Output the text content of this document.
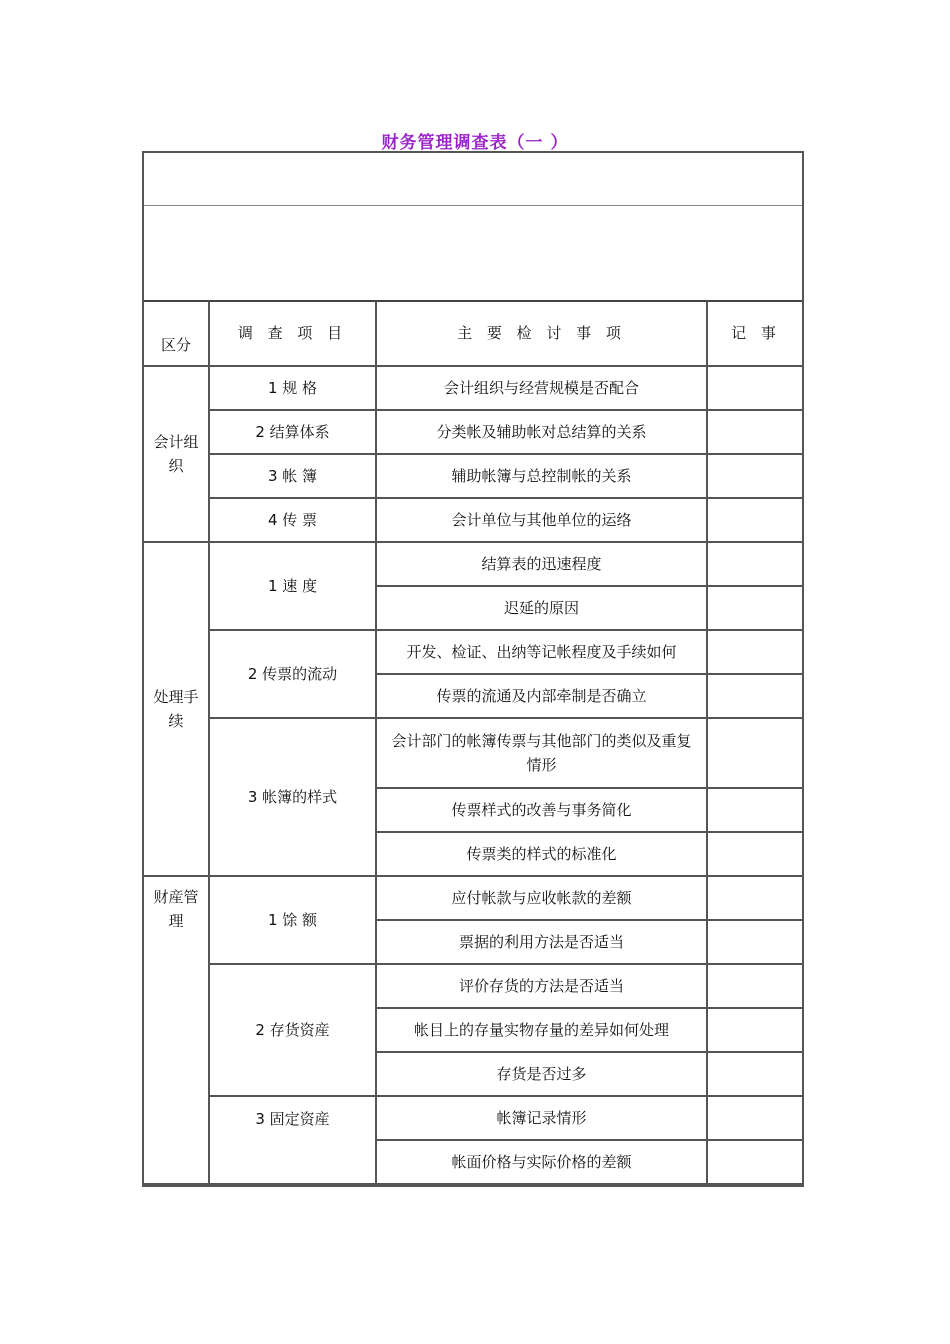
财务管理调查表（一 ）
区分
调 查 项 目	主 要 检 讨 事 项	记 事
会计组
织
处理手
续
财産管
理
1 规 格
2 结算体系
3 帐 簿
4 传 票
1 速 度
2 传票的流动
3 帐簿的样式
1 馀 额
2 存货资産
3 固定资産
会计组织与经营规模是否配合
分类帐及辅助帐对总结算的关系
辅助帐簿与总控制帐的关系
会计单位与其他单位的运络
结算表的迅速程度
迟延的原因
开发、检证、出纳等记帐程度及手续如何
传票的流通及内部牵制是否确立
会计部门的帐簿传票与其他部门的类似及重复情形
传票样式的改善与事务简化
传票类的样式的标准化
应付帐款与应收帐款的差额
票据的利用方法是否适当
评价存货的方法是否适当
帐目上的存量实物存量的差异如何处理
存货是否过多
帐簿记录情形
帐面价格与实际价格的差额
